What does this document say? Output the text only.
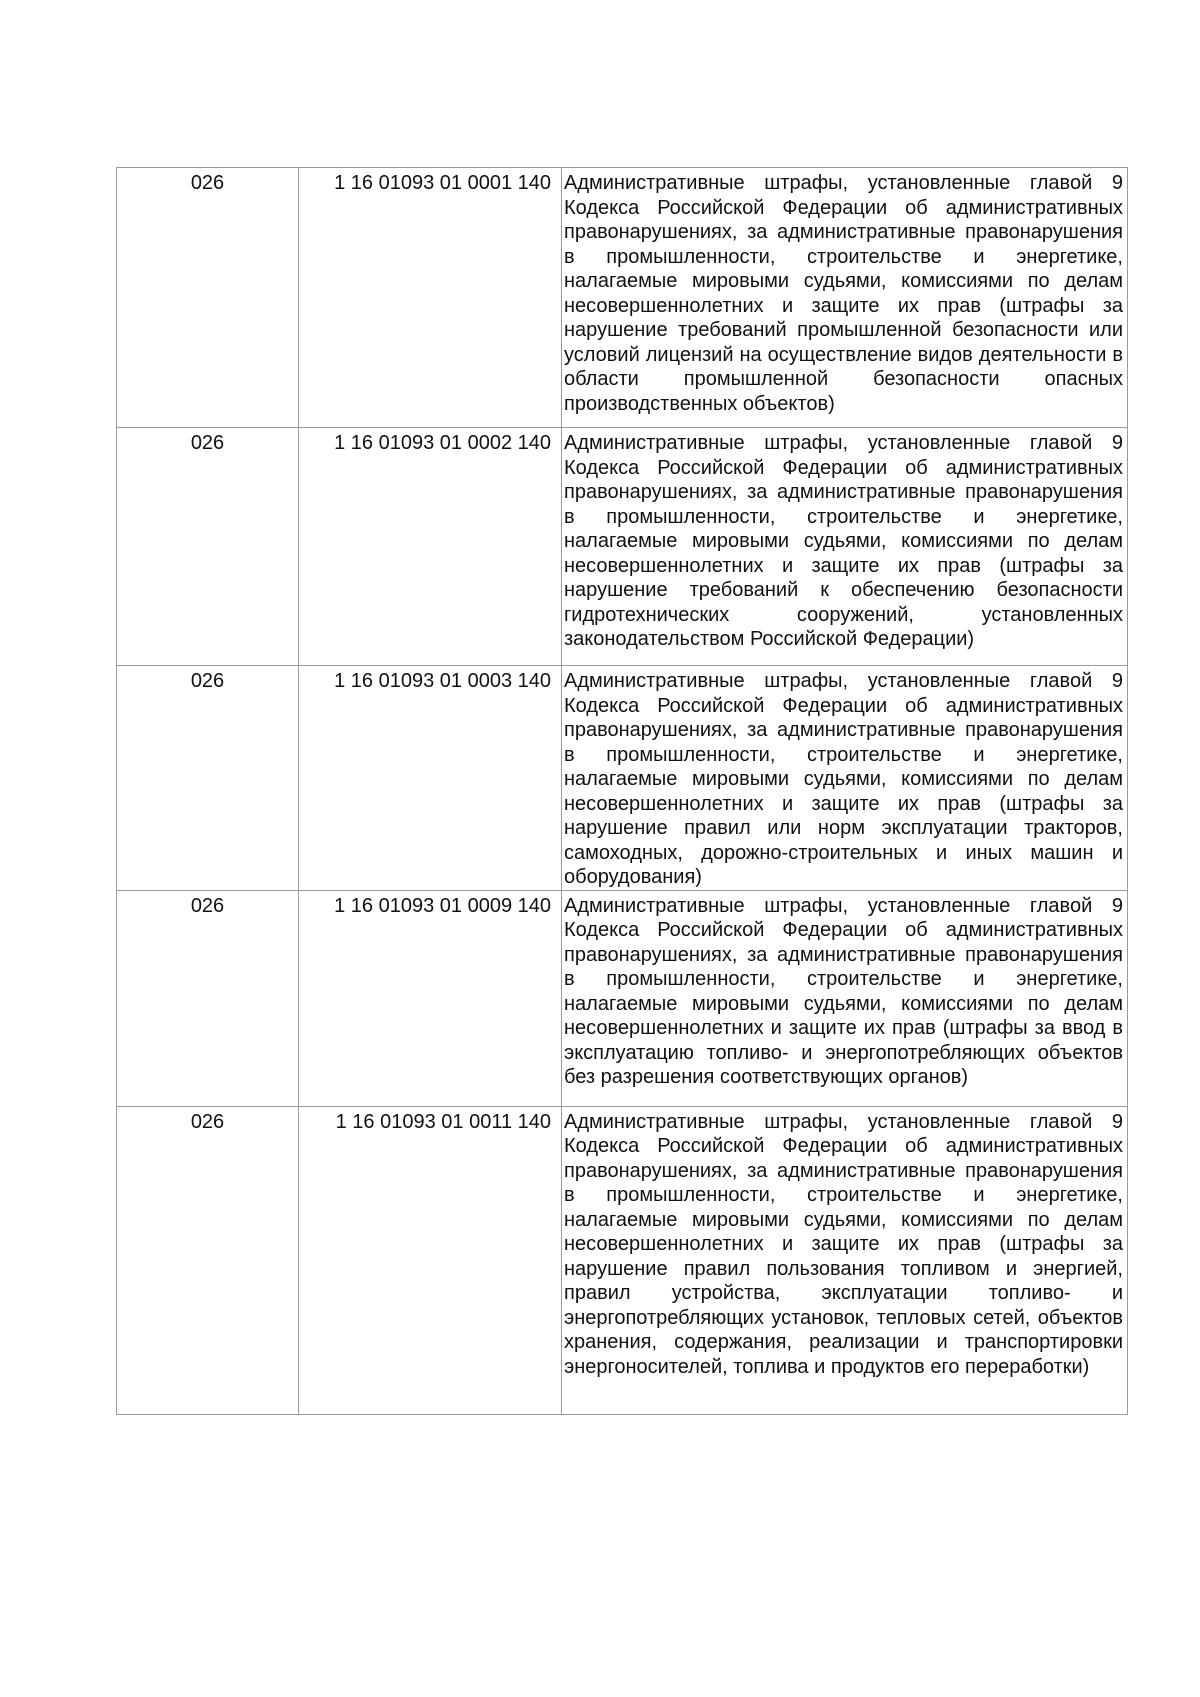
026	1 16 01093 01 0001 140	Административные штрафы, установленные главой 9 Кодекса Российской Федерации об административных правонарушениях, за административные правонарушения в промышленности, строительстве и энергетике, налагаемые мировыми судьями, комиссиями по делам несовершеннолетних и защите их прав (штрафы за нарушение требований промышленной безопасности или условий лицензий на осуществление видов деятельности в области промышленной безопасности опасных производственных объектов)

026	1 16 01093 01 0002 140	Административные штрафы, установленные главой 9 Кодекса Российской Федерации об административных правонарушениях, за административные правонарушения в промышленности, строительстве и энергетике, налагаемые мировыми судьями, комиссиями по делам несовершеннолетних и защите их прав (штрафы за нарушение требований к обеспечению безопасности гидротехнических сооружений, установленных законодательством Российской Федерации)

026	1 16 01093 01 0003 140	Административные штрафы, установленные главой 9 Кодекса Российской Федерации об административных правонарушениях, за административные правонарушения в промышленности, строительстве и энергетике, налагаемые мировыми судьями, комиссиями по делам несовершеннолетних и защите их прав (штрафы за нарушение правил или норм эксплуатации тракторов, самоходных, дорожно-строительных и иных машин и оборудования)

026	1 16 01093 01 0009 140	Административные штрафы, установленные главой 9 Кодекса Российской Федерации об административных правонарушениях, за административные правонарушения в промышленности, строительстве и энергетике, налагаемые мировыми судьями, комиссиями по делам несовершеннолетних и защите их прав (штрафы за ввод в эксплуатацию топливо- и энергопотребляющих объектов без разрешения соответствующих органов)

026	1 16 01093 01 0011 140	Административные штрафы, установленные главой 9 Кодекса Российской Федерации об административных правонарушениях, за административные правонарушения в промышленности, строительстве и энергетике, налагаемые мировыми судьями, комиссиями по делам несовершеннолетних и защите их прав (штрафы за нарушение правил пользования топливом и энергией, правил устройства, эксплуатации топливо- и энергопотребляющих установок, тепловых сетей, объектов хранения, содержания, реализации и транспортировки энергоносителей, топлива и продуктов его переработки)
